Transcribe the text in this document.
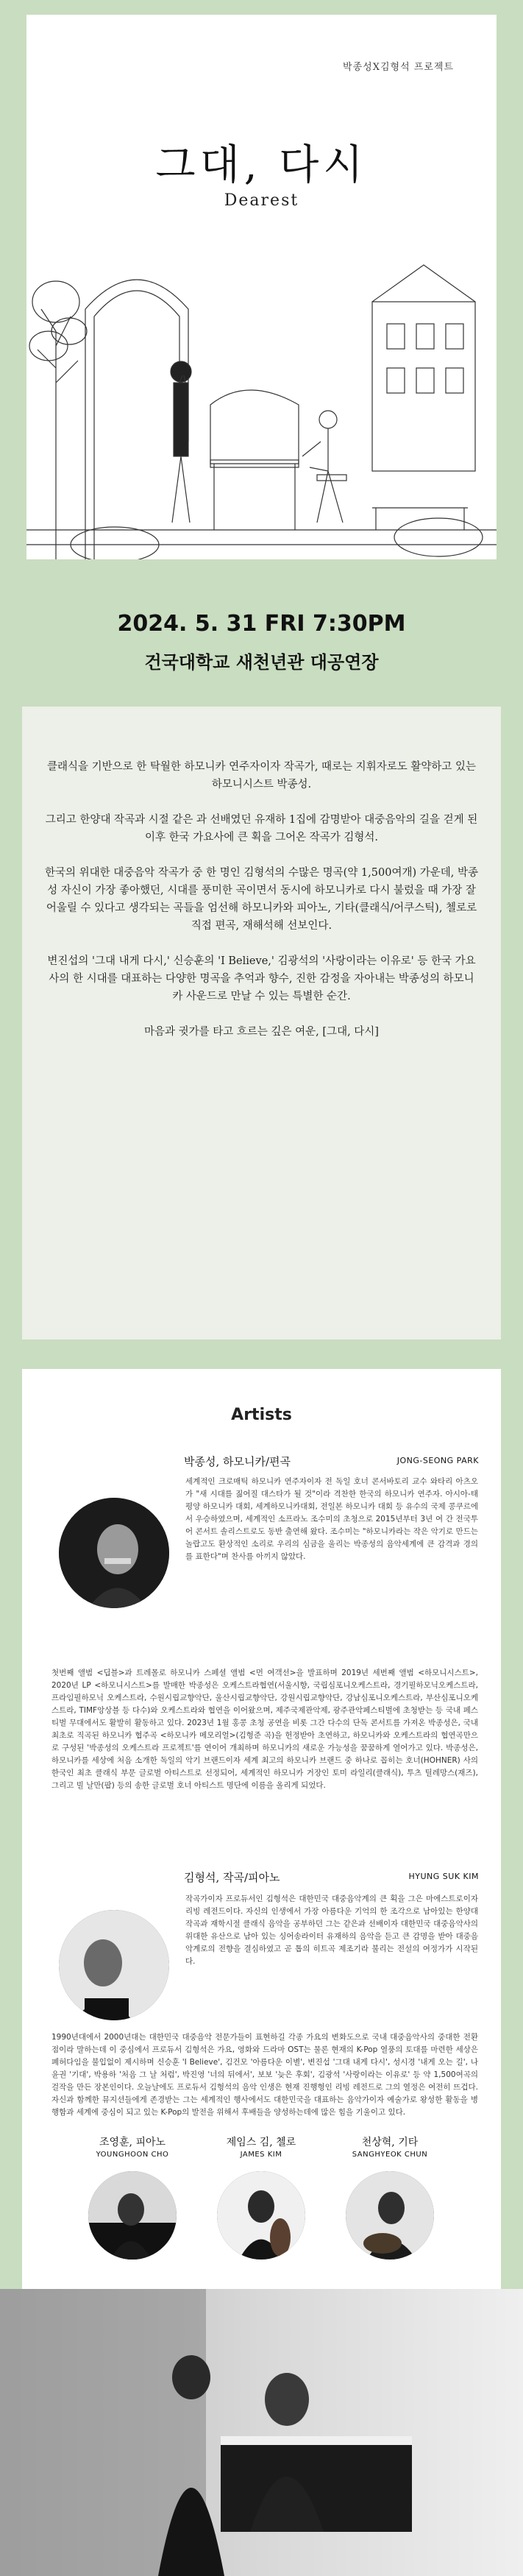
박종성X김형석 프로젝트
그대, 다시
Dearest
2024. 5. 31 FRI 7:30PM
건국대학교 새천년관 대공연장

클래식을 기반으로 한 탁월한 하모니카 연주자이자 작곡가, 때로는 지휘자로도 활약하고 있는 하모니시스트 박종성.

그리고 한양대 작곡과 시절 같은 과 선배였던 유재하 1집에 감명받아 대중음악의 길을 걷게 된 이후 한국 가요사에 큰 획을 그어온 작곡가 김형석.

한국의 위대한 대중음악 작곡가 중 한 명인 김형석의 수많은 명곡(약 1,500여개) 가운데, 박종성 자신이 가장 좋아했던, 시대를 풍미한 곡이면서 동시에 하모니카로 다시 불렀을 때 가장 잘 어울릴 수 있다고 생각되는 곡들을 엄선해 하모니카와 피아노, 기타(클래식/어쿠스틱), 첼로로 직접 편곡, 재해석해 선보인다.

변진섭의 '그대 내게 다시,' 신승훈의 'I Believe,' 김광석의 '사랑이라는 이유로' 등 한국 가요사의 한 시대를 대표하는 다양한 명곡을 추억과 향수, 진한 감정을 자아내는 박종성의 하모니카 사운드로 만날 수 있는 특별한 순간.

마음과 귓가를 타고 흐르는 깊은 여운, [그대, 다시]

Artists
박종성, 하모니카/편곡	JONG-SEONG PARK
세계적인 크로매틱 하모니카 연주자이자 전 독일 호너 콘서바토리 교수 와타리 아츠오가 "새 시대를 짊어질 대스타가 될 것"이라 격찬한 한국의 하모니카 연주자. 아시아-태평양 하모니카 대회, 세계하모니카대회, 전일본 하모니카 대회 등 유수의 국제 콩쿠르에서 우승하였으며, 세계적인 소프라노 조수미의 초청으로 2015년부터 3년 여 간 전국투어 콘서트 솔리스트로도 동반 출연해 왔다. 조수미는 "하모니카라는 작은 악기로 만드는 놀랍고도 환상적인 소리로 우리의 심금을 울리는 박종성의 음악세계에 큰 감격과 경의를 표한다"며 찬사를 아끼지 않았다.
첫번째 앨범 <딥블>과 트레몰로 하모니카 스페셜 앨범 <먼 여객선>을 발표하며 2019년 세번째 앨범 <하모니시스트>, 2020년 LP <하모니시스트>를 발매한 박종성은 오케스트라협연(서울시향, 국립심포니오케스트라, 경기필하모닉오케스트라, 프라임필하모닉 오케스트라, 수원시립교향악단, 울산시립교향악단, 강원시립교향악단, 강남심포니오케스트라, 부산심포니오케스트라, TIMF앙상블 등 다수)와 오케스트라와 협연을 이어왔으며, 제주국제관악제, 광주관악페스티벌에 초청받는 등 국내 페스티벌 무대에서도 활발히 활동하고 있다. 2023년 1월 홍콩 초청 공연을 비롯 그간 다수의 단독 콘서트를 가져온 박종성은, 국내 최초로 직곡된 하모니카 협주곡 <하모니카 메모리얼>(김형준 곡)을 헌정받아 초연하고, 하모니카와 오케스트라의 협연곡만으로 구성된 '박종성의 오케스트라 프로젝트'를 연이어 개최하며 하모니카의 새로운 가능성을 꿈꿈하게 열어가고 있다. 박종성은, 하모니카를 세상에 처음 소개한 독일의 악기 브랜드이자 세계 최고의 하모니카 브랜드 중 하나로 꼽히는 호너(HOHNER) 사의 한국인 최초 클래식 부문 글로벌 아티스트로 선정되어, 세계적인 하모니카 거장인 토미 라일리(클래식), 투츠 틸레망스(재즈), 그리고 빌 날만(팝) 등의 송한 글로벌 호너 아티스트 명단에 이름을 올리게 되었다.
김형석, 작곡/피아노	HYUNG SUK KIM
작곡가이자 프로듀서인 김형석은 대한민국 대중음악계의 큰 획을 그은 마에스트로이자 리빙 레전드이다. 자신의 인생에서 가장 아름다운 기억의 한 조각으로 남아있는 한양대 작곡과 재학시절 클래식 음악을 공부하던 그는 같은과 선배이자 대한민국 대중음악사의 위대한 유산으로 남아 있는 싱어송라이터 유재하의 음악을 듣고 큰 감명을 받아 대중음악계로의 전향을 결심하였고 곧 톱의 히트곡 제조기라 불리는 전설의 여정가가 시작된다.
1990년대에서 2000년대는 대한민국 대중음악 전문가들이 표현하길 각종 가요의 변화도으로 국내 대중음악사의 중대한 전환점이라 말하는데 이 중심에서 프로듀서 김형석은 가요, 영화와 드라마 OST는 물론 현재의 K-Pop 열풍의 토대를 마련한 세상은 폐허다임을 불입없이 제시하며 신승훈 'I Believe', 김건모 '아름다운 이별', 변진섭 '그대 내게 다시', 성시경 '내게 오는 길', 나윤권 '기대', 박용하 '처음 그 날 처럼', 박진영 '너의 뒤에서', 보보 '늦은 후회', 김광석 '사랑이라는 이유로' 등 약 1,500여곡의 걸작을 만든 장본인이다. 오늘날에도 프로듀서 김형석의 음악 인생은 현재 진행형인 리빙 레전드로 그의 열정은 여전히 뜨겁다. 자신과 함께한 뮤지션들에게 존경받는 그는 세계적인 행사에서도 대한민국을 대표하는 음악가이자 예술가로 왕성한 활동을 병행함과 세계에 중심이 되고 있는 K-Pop의 발전을 위해서 후배들을 양성하는데에 많은 힘을 기울이고 있다.
조영훈, 피아노
YOUNGHOON CHO
제임스 김, 첼로
JAMES KIM
천상혁, 기타
SANGHYEOK CHUN
